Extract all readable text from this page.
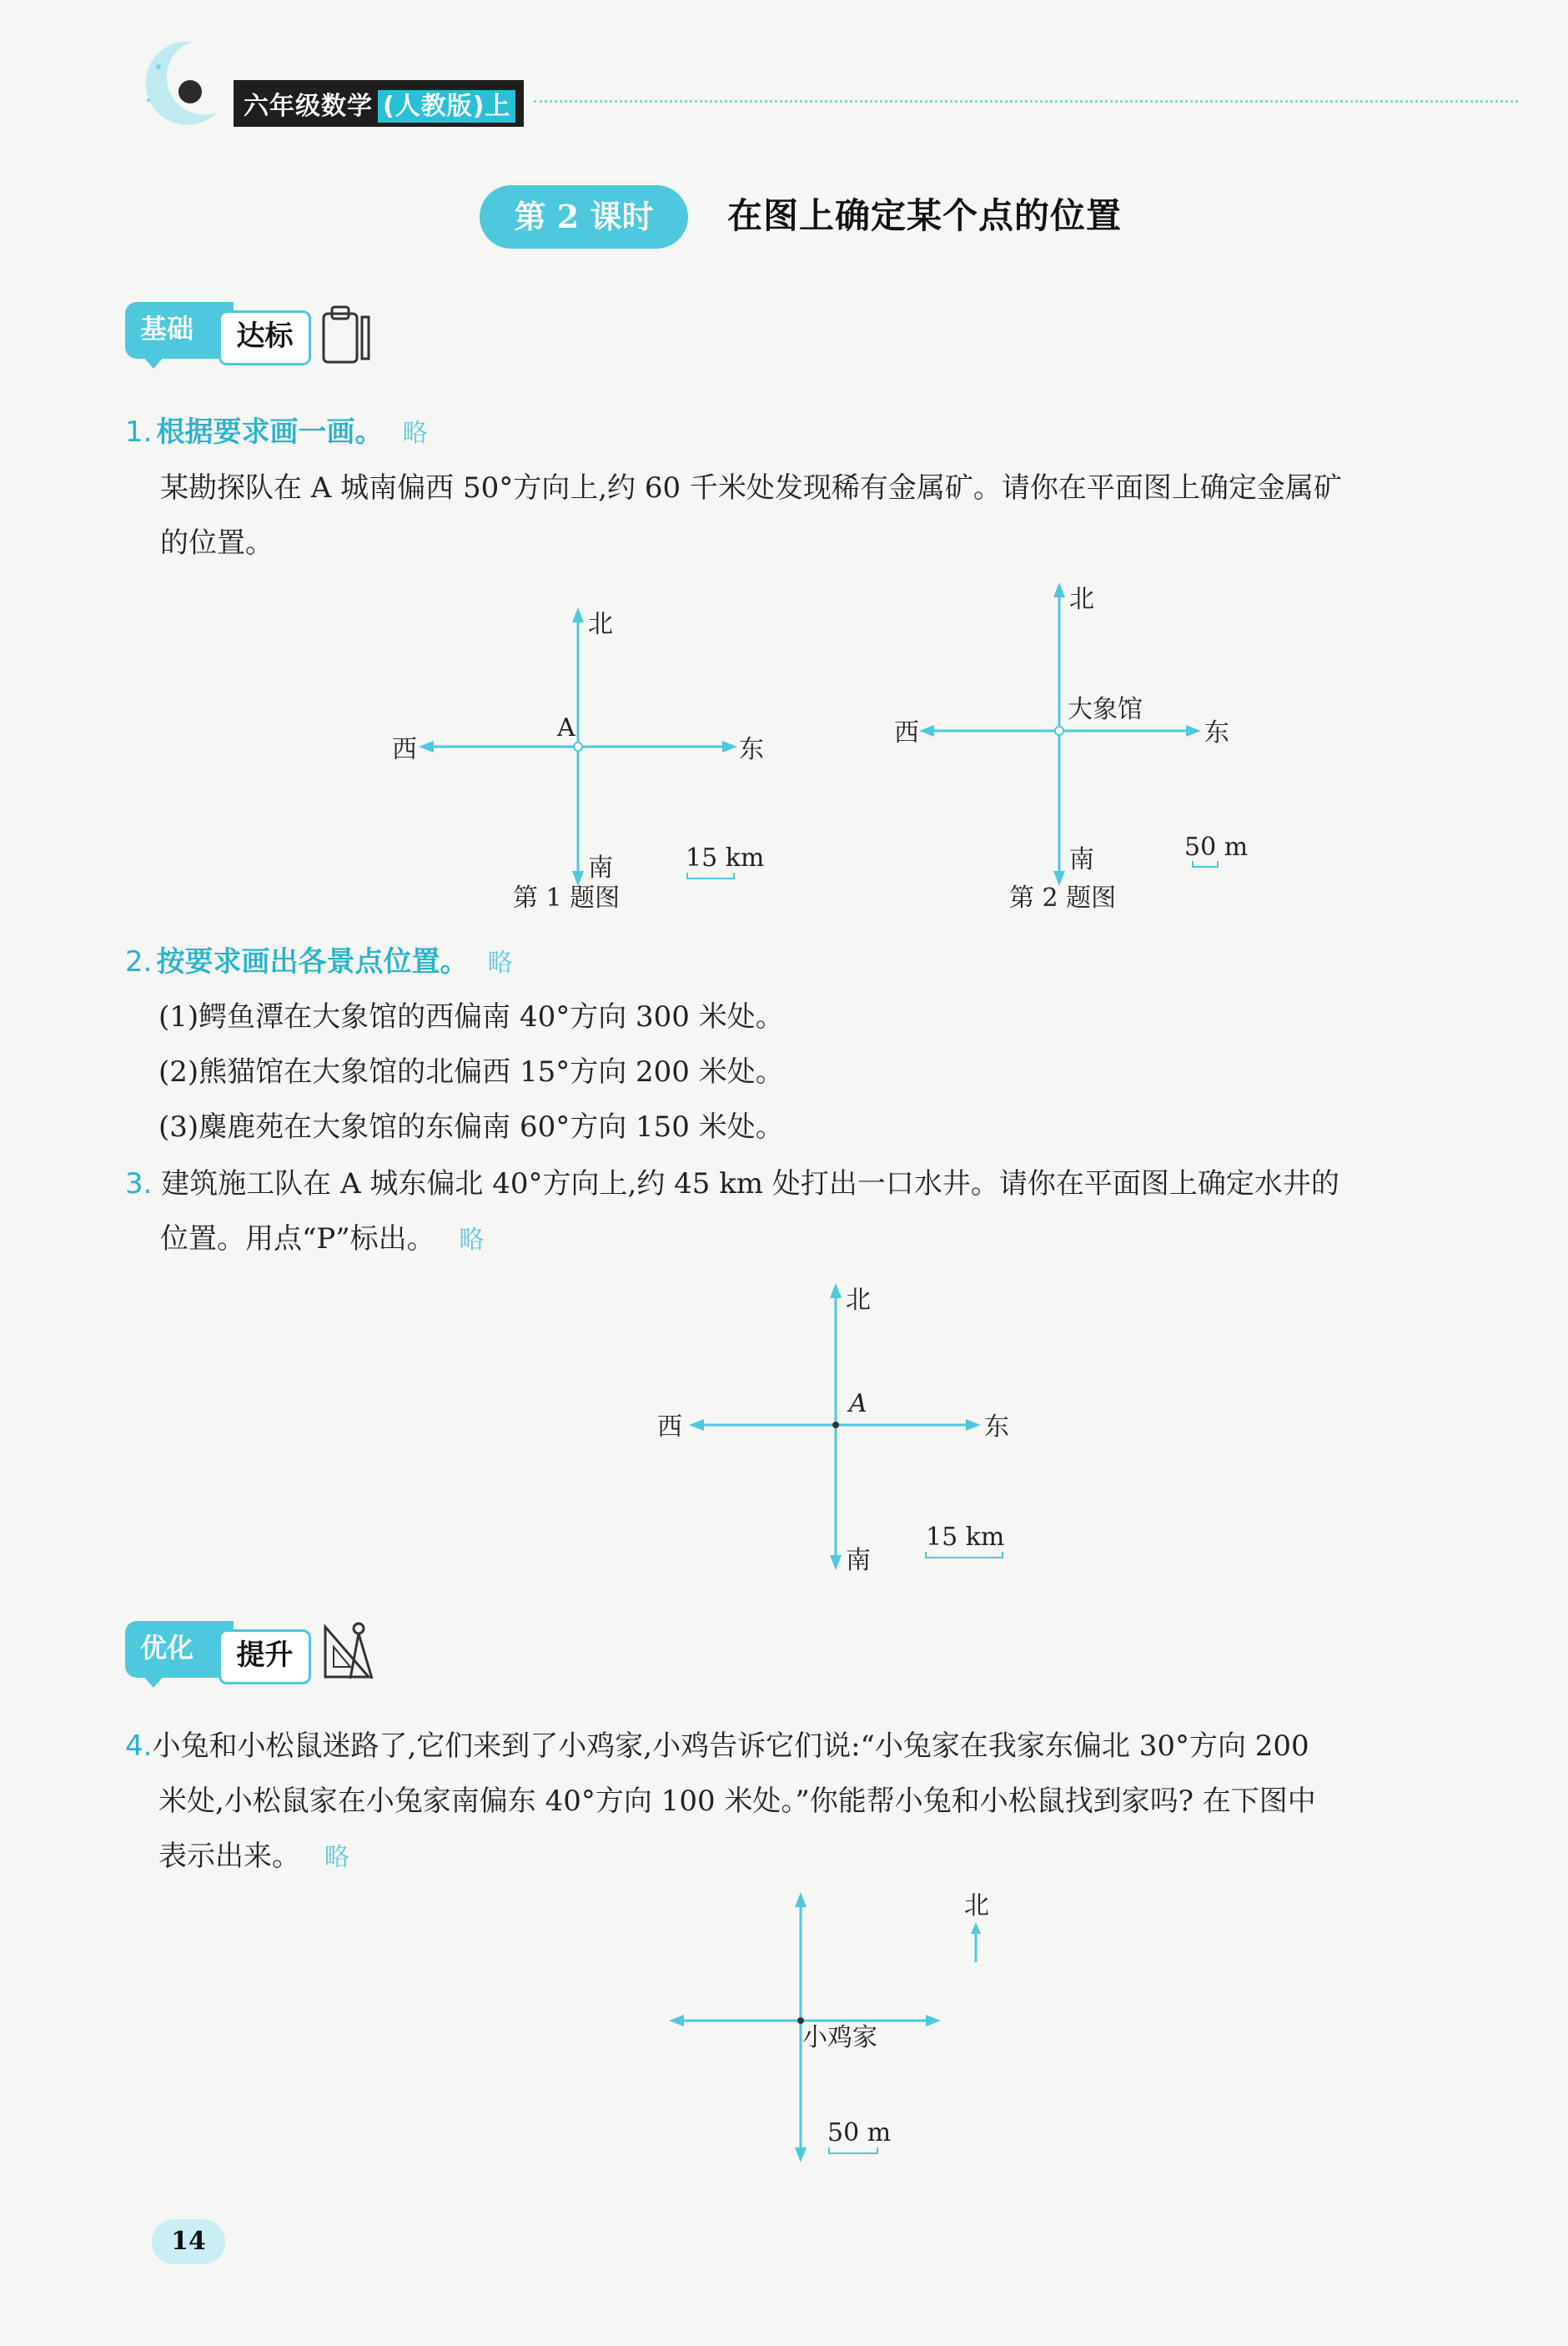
六年级数学 (人教版)上
第 2 课时	在图上确定某个点的位置
基础	达标
1. 根据要求画一画。 略
某勘探队在 A 城南偏西 50°方向上,约 60 千米处发现稀有金属矿。请你在平面图上确定金属矿
的位置。
北
南
东
西
A
15 km
第 1 题图
北
南
东
西
大象馆
50 m
第 2 题图
2. 按要求画出各景点位置。 略
(1)鳄鱼潭在大象馆的西偏南 40°方向 300 米处。
(2)熊猫馆在大象馆的北偏西 15°方向 200 米处。
(3)麋鹿苑在大象馆的东偏南 60°方向 150 米处。
3. 建筑施工队在 A 城东偏北 40°方向上,约 45 km 处打出一口水井。请你在平面图上确定水井的
位置。用点“P”标出。 略
北
南
东
西
A
15 km
优化	提升
4.小兔和小松鼠迷路了,它们来到了小鸡家,小鸡告诉它们说:“小兔家在我家东偏北 30°方向 200
米处,小松鼠家在小兔家南偏东 40°方向 100 米处。”你能帮小兔和小松鼠找到家吗? 在下图中
表示出来。 略
小鸡家
50 m
北
14
